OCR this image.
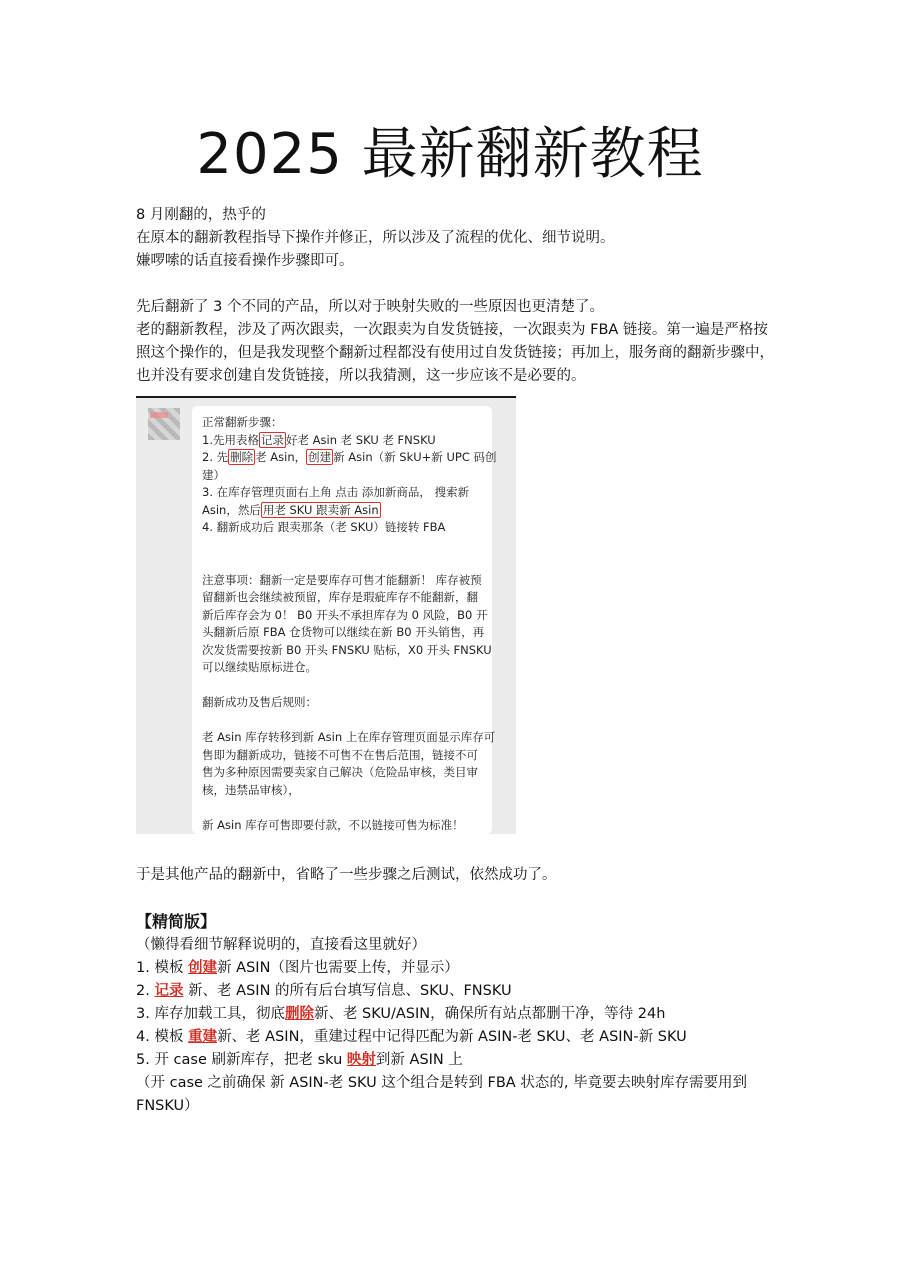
2025 最新翻新教程

8 月刚翻的，热乎的

在原本的翻新教程指导下操作并修正，所以涉及了流程的优化、细节说明。

嫌啰嗦的话直接看操作步骤即可。

先后翻新了 3 个不同的产品，所以对于映射失败的一些原因也更清楚了。

老的翻新教程，涉及了两次跟卖，一次跟卖为自发货链接，一次跟卖为 FBA 链接。第一遍是严格按照这个操作的，但是我发现整个翻新过程都没有使用过自发货链接；再加上，服务商的翻新步骤中，也并没有要求创建自发货链接，所以我猜测，这一步应该不是必要的。

正常翻新步骤：

1.先用表格 记录 好老 Asin 老 SKU 老 FNSKU

2. 先 删除 老 Asin， 创建 新 Asin（新 SkU+新 UPC 码创

建）

3. 在库存管理页面右上角 点击 添加新商品， 搜索新

Asin，然后 用老 SKU 跟卖新 Asin

4. 翻新成功后 跟卖那条（老 SKU）链接转 FBA

注意事项：翻新一定是要库存可售才能翻新！ 库存被预

留翻新也会继续被预留，库存是瑕疵库存不能翻新，翻

新后库存会为 0！ B0 开头不承担库存为 0 风险，B0 开

头翻新后原 FBA 仓货物可以继续在新 B0 开头销售，再

次发货需要按新 B0 开头 FNSKU 贴标，X0 开头 FNSKU

可以继续贴原标进仓。

翻新成功及售后规则：

老 Asin 库存转移到新 Asin 上在库存管理页面显示库存可

售即为翻新成功，链接不可售不在售后范围，链接不可

售为多种原因需要卖家自己解决（危险品审核，类目审

核，违禁品审核），

新 Asin 库存可售即要付款，不以链接可售为标准！

于是其他产品的翻新中，省略了一些步骤之后测试，依然成功了。

【精简版】

（懒得看细节解释说明的，直接看这里就好）

1. 模板 创建新 ASIN（图片也需要上传，并显示）

2. 记录 新、老 ASIN 的所有后台填写信息、SKU、FNSKU

3. 库存加载工具，彻底删除新、老 SKU/ASIN，确保所有站点都删干净，等待 24h

4. 模板 重建新、老 ASIN，重建过程中记得匹配为新 ASIN-老 SKU、老 ASIN-新 SKU

5. 开 case 刷新库存，把老 sku 映射到新 ASIN 上

（开 case 之前确保 新 ASIN-老 SKU 这个组合是转到 FBA 状态的, 毕竟要去映射库存需要用到 FNSKU）
